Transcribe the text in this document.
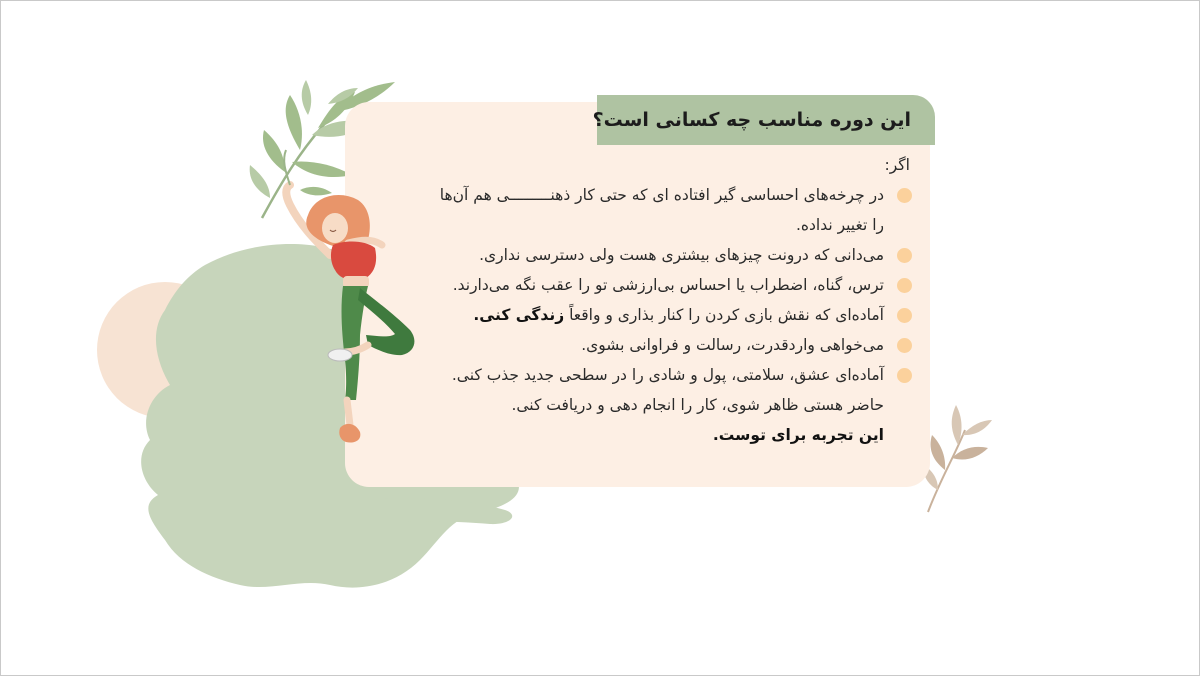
این دوره مناسب چه کسانی است؟
اگر:
در چرخه‌های احساسی گیر افتاده ای که حتی کار ذهنـــــــــی هم آن‌ها را تغییر نداده.
می‌دانی که درونت چیزهای بیشتری هست ولی دسترسی نداری.
ترس، گناه، اضطراب یا احساس بی‌ارزشی تو را عقب نگه می‌دارند.
آماده‌ای که نقش بازی کردن را کنار بذاری و واقعاً زندگی کنی.
می‌خواهی واردقدرت، رسالت و فراوانی بشوی.
آماده‌ای عشق، سلامتی، پول و شادی را در سطحی جدید جذب کنی.
حاضر هستی ظاهر شوی، کار را انجام دهی و دریافت کنی.
این تجربه برای توست.
